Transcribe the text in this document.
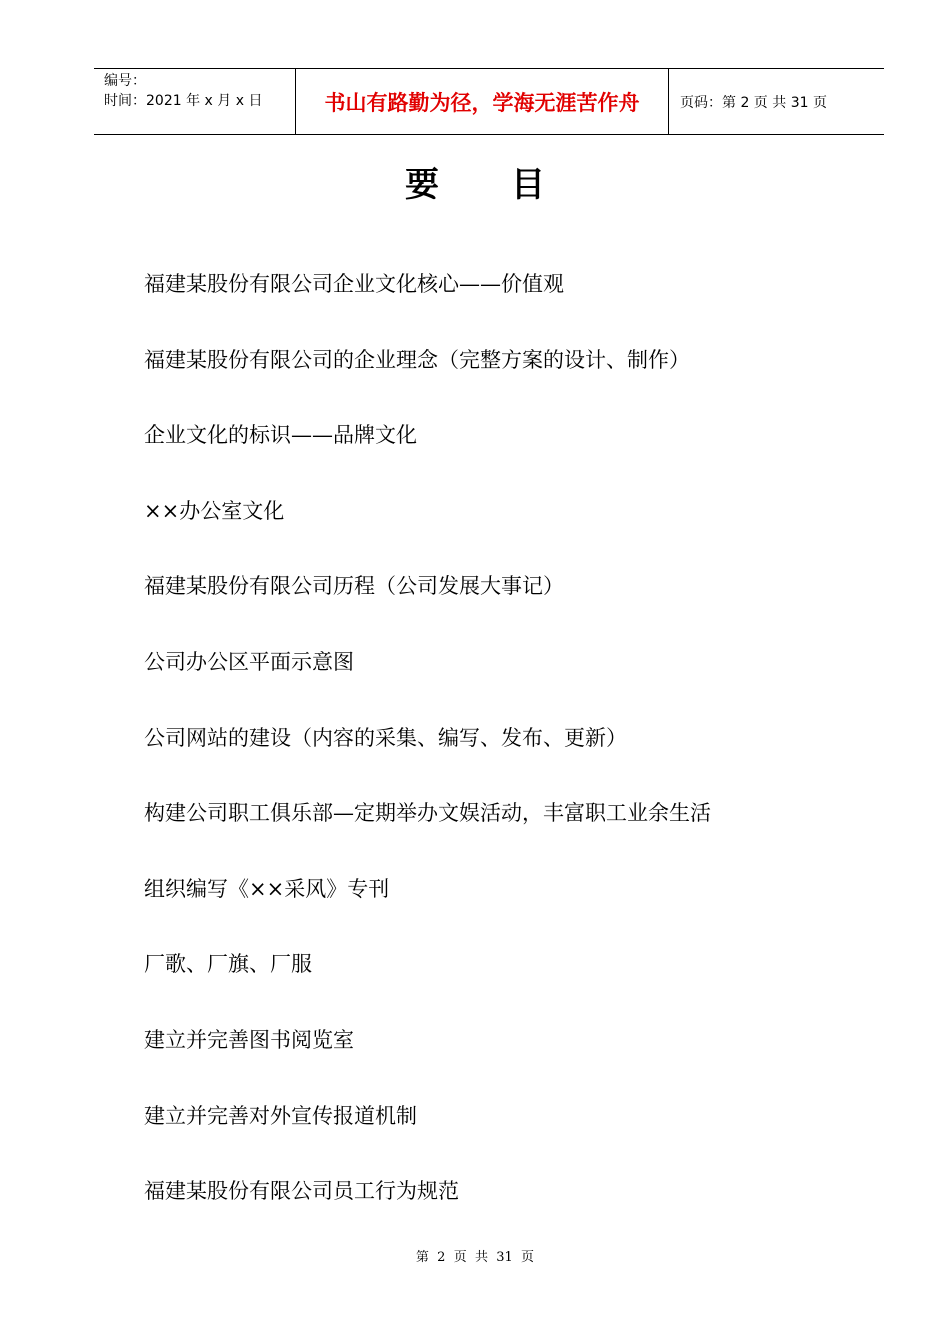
编号：
时间：2021 年 x 月 x 日	书山有路勤为径，学海无涯苦作舟	页码：第 2 页 共 31 页
要目
福建某股份有限公司企业文化核心——价值观
福建某股份有限公司的企业理念（完整方案的设计、制作）
企业文化的标识——品牌文化
××办公室文化
福建某股份有限公司历程（公司发展大事记）
公司办公区平面示意图
公司网站的建设（内容的采集、编写、发布、更新）
构建公司职工俱乐部—定期举办文娱活动，丰富职工业余生活
组织编写《××采风》专刊
厂歌、厂旗、厂服
建立并完善图书阅览室
建立并完善对外宣传报道机制
福建某股份有限公司员工行为规范
第  2  页  共  31  页
